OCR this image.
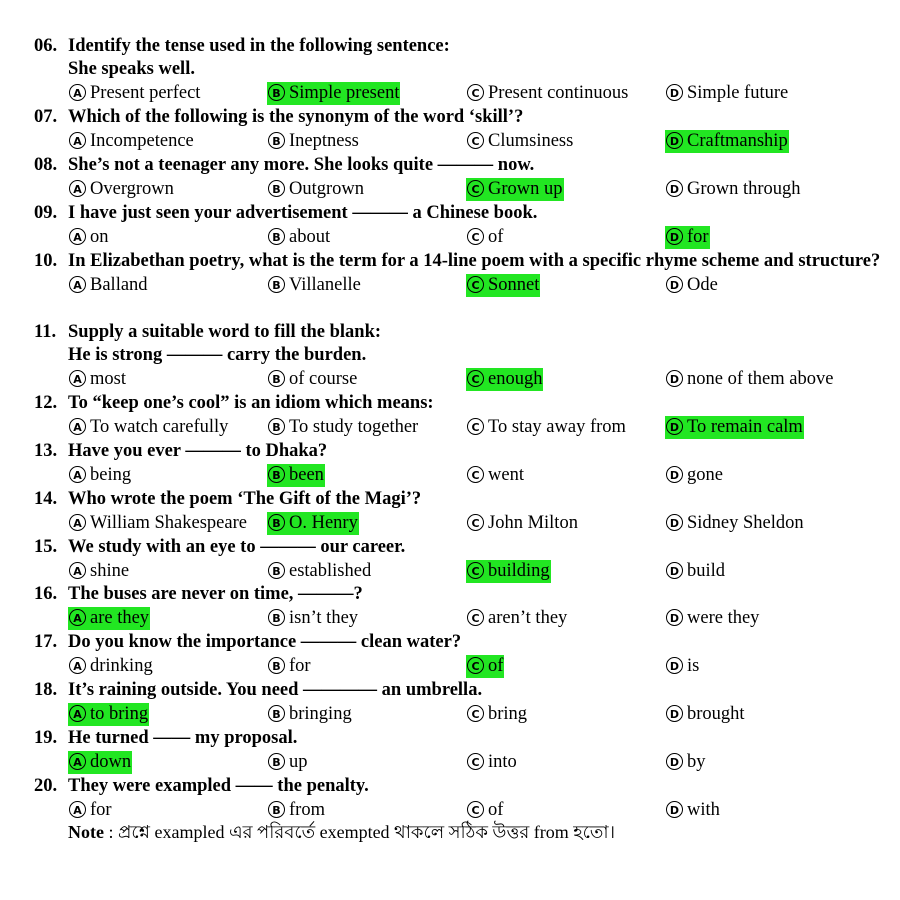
06. Identify the tense used in the following sentence:
She speaks well.
A Present perfect	B Simple present	C Present continuous	D Simple future
07. Which of the following is the synonym of the word ‘skill’?
A Incompetence	B Ineptness	C Clumsiness	D Craftmanship
08. She’s not a teenager any more. She looks quite ——— now.
A Overgrown	B Outgrown	C Grown up	D Grown through
09. I have just seen your advertisement ——— a Chinese book.
A on	B about	C of	D for
10. In Elizabethan poetry, what is the term for a 14-line poem with a specific rhyme scheme and structure?
A Balland	B Villanelle	C Sonnet	D Ode
11. Supply a suitable word to fill the blank:
He is strong ——— carry the burden.
A most	B of course	C enough	D none of them above
12. To “keep one’s cool” is an idiom which means:
A To watch carefully	B To study together	C To stay away from	D To remain calm
13. Have you ever ——— to Dhaka?
A being	B been	C went	D gone
14. Who wrote the poem ‘The Gift of the Magi’?
A William Shakespeare	B O. Henry	C John Milton	D Sidney Sheldon
15. We study with an eye to ——— our career.
A shine	B established	C building	D build
16. The buses are never on time, ———?
A are they	B isn’t they	C aren’t they	D were they
17. Do you know the importance ——— clean water?
A drinking	B for	C of	D is
18. It’s raining outside. You need ———— an umbrella.
A to bring	B bringing	C bring	D brought
19. He turned —— my proposal.
A down	B up	C into	D by
20. They were exampled —— the penalty.
A for	B from	C of	D with
Note : প্রশ্নে exampled এর পরিবর্তে exempted থাকলে সঠিক উত্তর from হতো।
